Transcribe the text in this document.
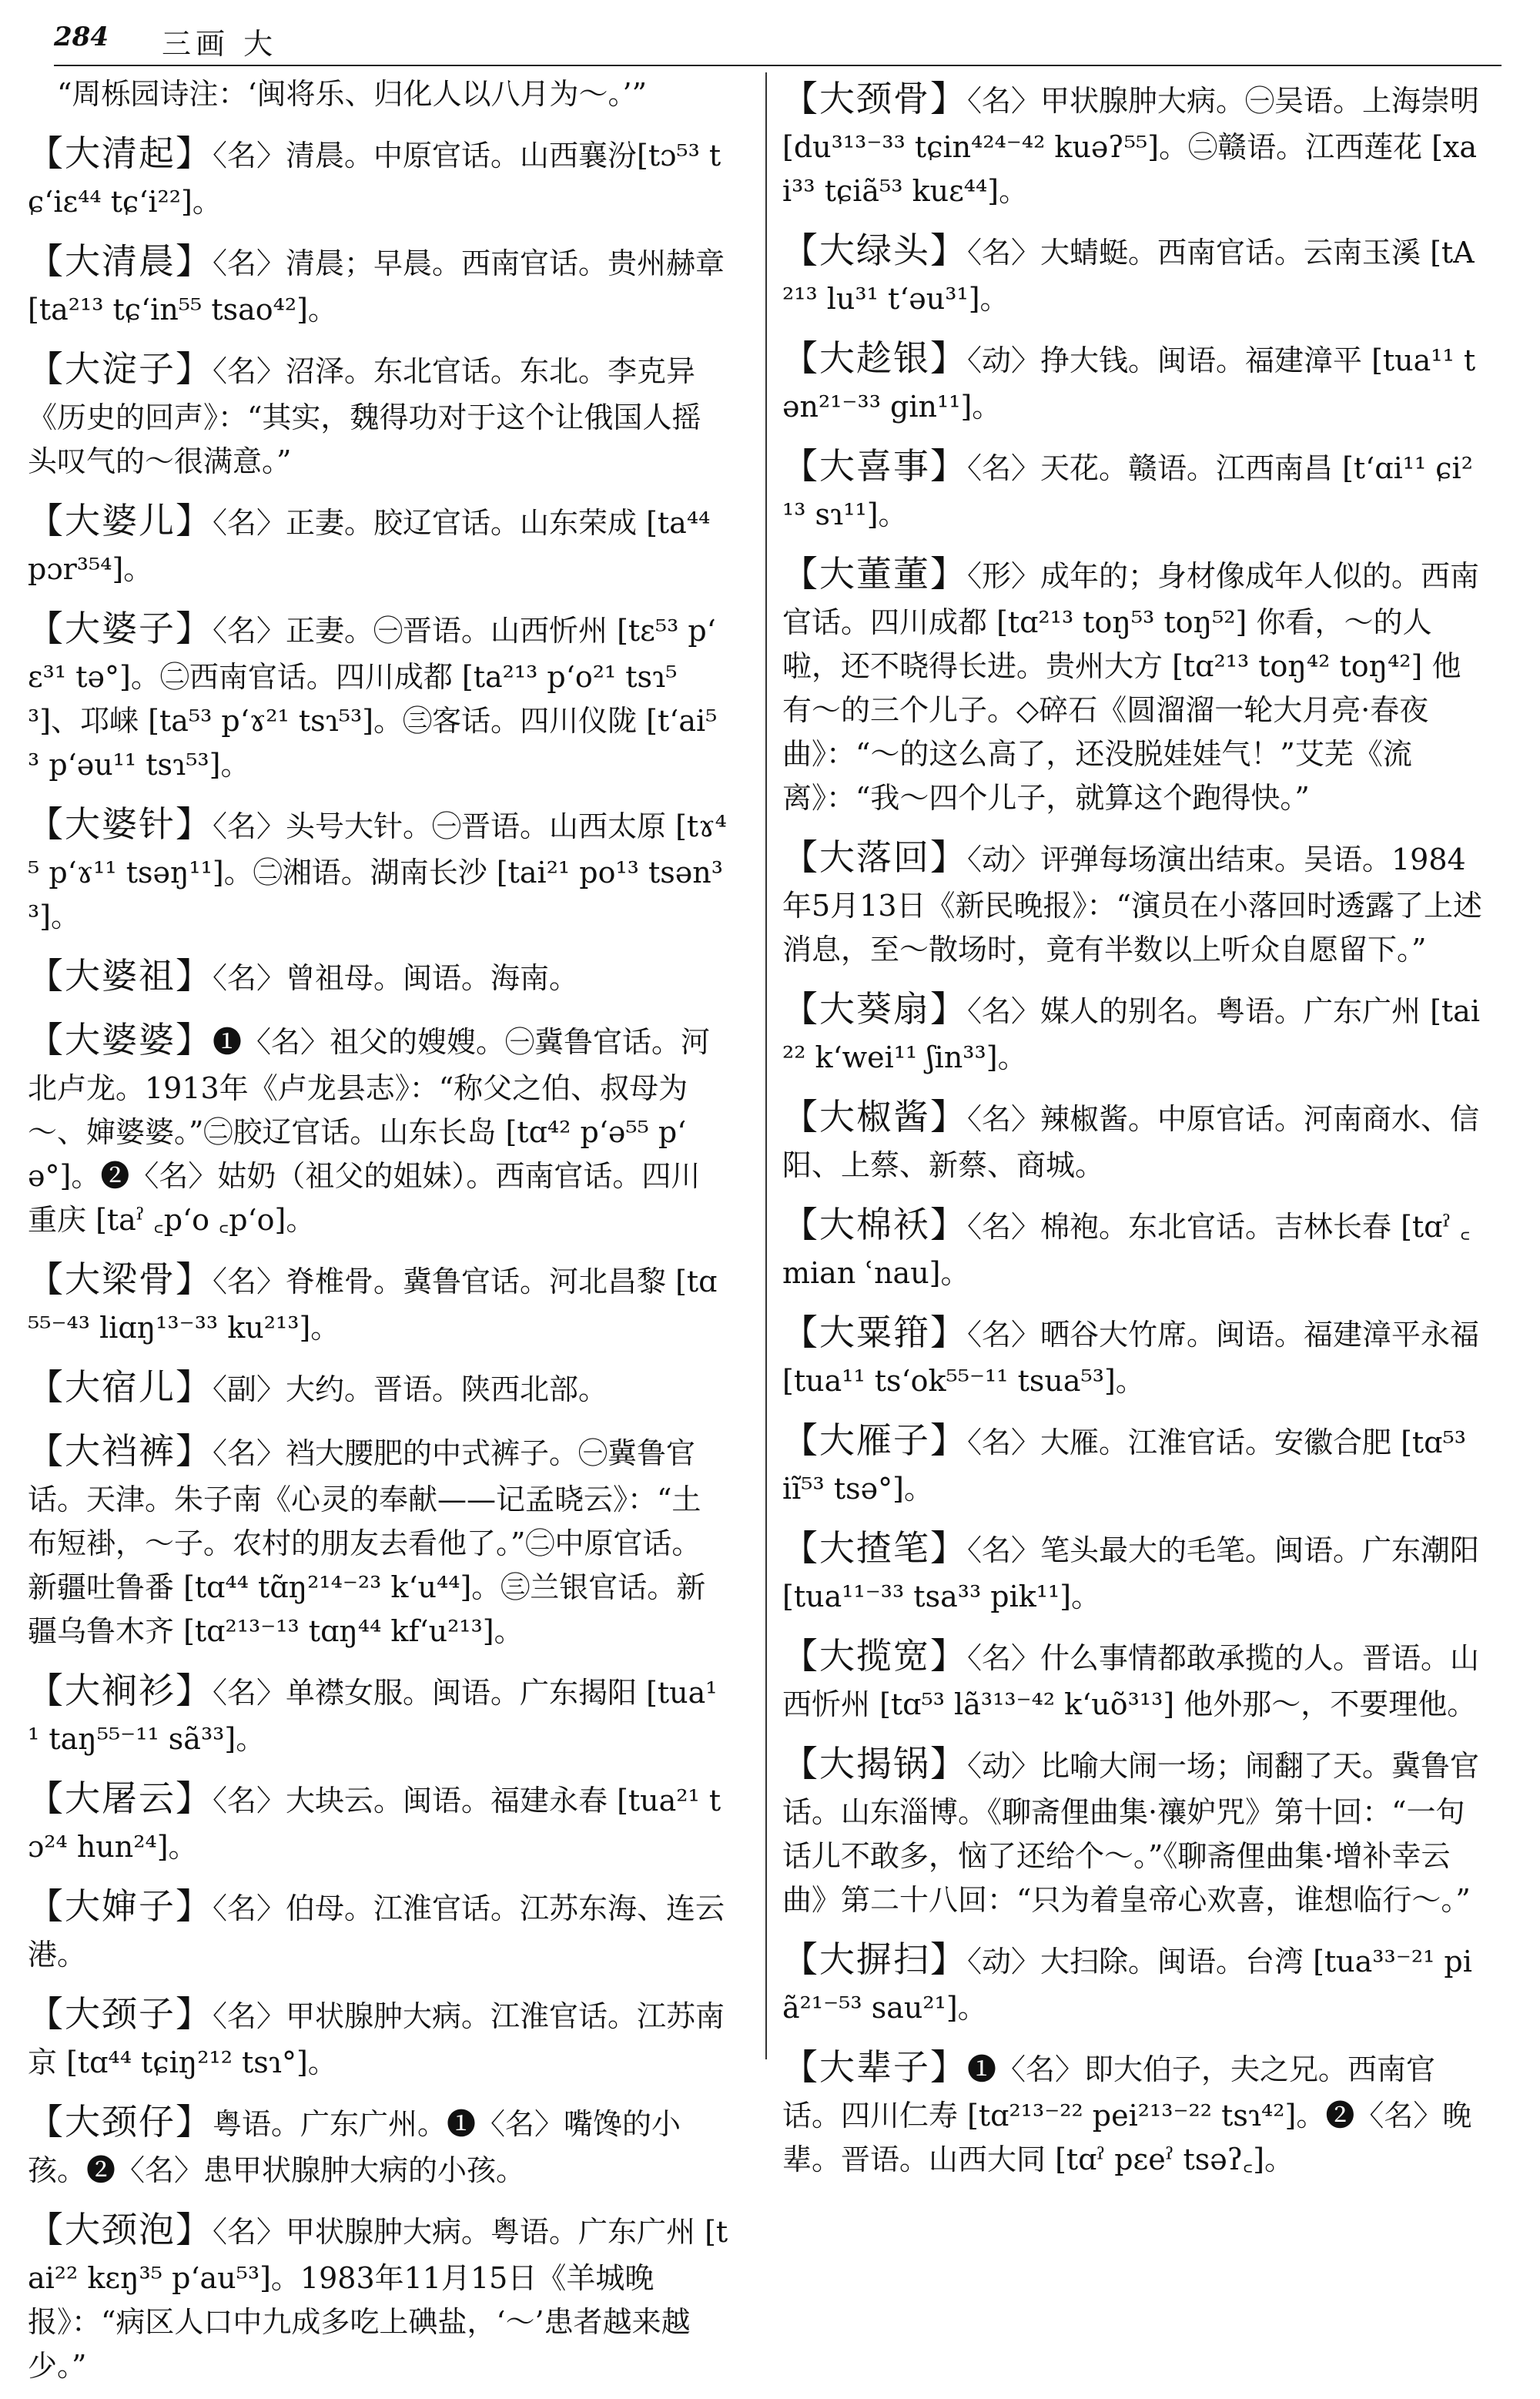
284 三画 大

“周栎园诗注：‘闽将乐、归化人以八月为～。’”

【大清起】〈名〉清晨。中原官话。山西襄汾[tɔ⁵³ tɕʻiɛ⁴⁴ tɕʻi²²]。

【大清晨】〈名〉清晨；早晨。西南官话。贵州赫章 [ta²¹³ tɕʻin⁵⁵ tsao⁴²]。

【大淀子】〈名〉沼泽。东北官话。东北。李克异《历史的回声》：“其实，魏得功对于这个让俄国人摇头叹气的～很满意。”

【大婆儿】〈名〉正妻。胶辽官话。山东荣成 [ta⁴⁴ pɔr³⁵⁴]。

【大婆子】〈名〉正妻。㊀晋语。山西忻州 [tɛ⁵³ pʻɛ³¹ tə°]。㊁西南官话。四川成都 [ta²¹³ pʻo²¹ tsɿ⁵³]、邛崃 [ta⁵³ pʻɤ²¹ tsɿ⁵³]。㊂客话。四川仪陇 [tʻai⁵³ pʻəu¹¹ tsɿ⁵³]。

【大婆针】〈名〉头号大针。㊀晋语。山西太原 [tɤ⁴⁵ pʻɤ¹¹ tsəŋ¹¹]。㊁湘语。湖南长沙 [tai²¹ po¹³ tsən³³]。

【大婆祖】〈名〉曾祖母。闽语。海南。

【大婆婆】❶〈名〉祖父的嫂嫂。㊀冀鲁官话。河北卢龙。1913年《卢龙县志》：“称父之伯、叔母为～、婶婆婆。”㊁胶辽官话。山东长岛 [tɑ⁴² pʻə⁵⁵ pʻə°]。❷〈名〉姑奶（祖父的姐妹）。西南官话。四川重庆 [taˀ ꜀pʻo ꜀pʻo]。

【大梁骨】〈名〉脊椎骨。冀鲁官话。河北昌黎 [tɑ⁵⁵⁻⁴³ liɑŋ¹³⁻³³ ku²¹³]。

【大宿儿】〈副〉大约。晋语。陕西北部。

【大裆裤】〈名〉裆大腰肥的中式裤子。㊀冀鲁官话。天津。朱子南《心灵的奉献——记孟晓云》：“土布短褂，～子。农村的朋友去看他了。”㊁中原官话。新疆吐鲁番 [tɑ⁴⁴ tɑ̃ŋ²¹⁴⁻²³ kʻu⁴⁴]。㊂兰银官话。新疆乌鲁木齐 [tɑ²¹³⁻¹³ tɑŋ⁴⁴ kfʻu²¹³]。

【大裥衫】〈名〉单襟女服。闽语。广东揭阳 [tua¹¹ taŋ⁵⁵⁻¹¹ sã³³]。

【大屠云】〈名〉大块云。闽语。福建永春 [tua²¹ tɔ²⁴ hun²⁴]。

【大婶子】〈名〉伯母。江淮官话。江苏东海、连云港。

【大颈子】〈名〉甲状腺肿大病。江淮官话。江苏南京 [tɑ⁴⁴ tɕiŋ²¹² tsɿ°]。

【大颈仔】粤语。广东广州。❶〈名〉嘴馋的小孩。❷〈名〉患甲状腺肿大病的小孩。

【大颈泡】〈名〉甲状腺肿大病。粤语。广东广州 [tai²² kɛŋ³⁵ pʻau⁵³]。1983年11月15日《羊城晚报》：“病区人口中九成多吃上碘盐，‘～’患者越来越少。”

【大颈骨】〈名〉甲状腺肿大病。㊀吴语。上海崇明 [du³¹³⁻³³ tɕin⁴²⁴⁻⁴² kuəʔ⁵⁵]。㊁赣语。江西莲花 [xai³³ tɕiã⁵³ kuɛ⁴⁴]。

【大绿头】〈名〉大蜻蜓。西南官话。云南玉溪 [tA²¹³ lu³¹ tʻəu³¹]。

【大趁银】〈动〉挣大钱。闽语。福建漳平 [tua¹¹ tən²¹⁻³³ gin¹¹]。

【大喜事】〈名〉天花。赣语。江西南昌 [tʻɑi¹¹ ɕi²¹³ sɿ¹¹]。

【大董董】〈形〉成年的；身材像成年人似的。西南官话。四川成都 [tɑ²¹³ toŋ⁵³ toŋ⁵²] 你看，～的人啦，还不晓得长进。贵州大方 [tɑ²¹³ toŋ⁴² toŋ⁴²] 他有～的三个儿子。◇碎石《圆溜溜一轮大月亮·春夜曲》：“～的这么高了，还没脱娃娃气！”艾芜《流离》：“我～四个儿子，就算这个跑得快。”

【大落回】〈动〉评弹每场演出结束。吴语。1984年5月13日《新民晚报》：“演员在小落回时透露了上述消息，至～散场时，竟有半数以上听众自愿留下。”

【大葵扇】〈名〉媒人的别名。粤语。广东广州 [tai²² kʻwei¹¹ ʃin³³]。

【大椒酱】〈名〉辣椒酱。中原官话。河南商水、信阳、上蔡、新蔡、商城。

【大棉袄】〈名〉棉袍。东北官话。吉林长春 [tɑˀ ꜀mian ʿnau]。

【大粟箝】〈名〉晒谷大竹席。闽语。福建漳平永福 [tua¹¹ tsʻok⁵⁵⁻¹¹ tsua⁵³]。

【大雁子】〈名〉大雁。江淮官话。安徽合肥 [tɑ⁵³ iĩ⁵³ tsə°]。

【大揸笔】〈名〉笔头最大的毛笔。闽语。广东潮阳 [tua¹¹⁻³³ tsa³³ pik¹¹]。

【大揽宽】〈名〉什么事情都敢承揽的人。晋语。山西忻州 [tɑ⁵³ lã³¹³⁻⁴² kʻuõ³¹³] 他外那～，不要理他。

【大揭锅】〈动〉比喻大闹一场；闹翻了天。冀鲁官话。山东淄博。《聊斋俚曲集·禳妒咒》第十回：“一句话儿不敢多，恼了还给个～。”《聊斋俚曲集·增补幸云曲》第二十八回：“只为着皇帝心欢喜，谁想临行～。”

【大摒扫】〈动〉大扫除。闽语。台湾 [tua³³⁻²¹ piã²¹⁻⁵³ sau²¹]。

【大辈子】❶〈名〉即大伯子，夫之兄。西南官话。四川仁寿 [tɑ²¹³⁻²² pei²¹³⁻²² tsɿ⁴²]。❷〈名〉晚辈。晋语。山西大同 [tɑˀ pɛeˀ tsəʔ꜀]。
